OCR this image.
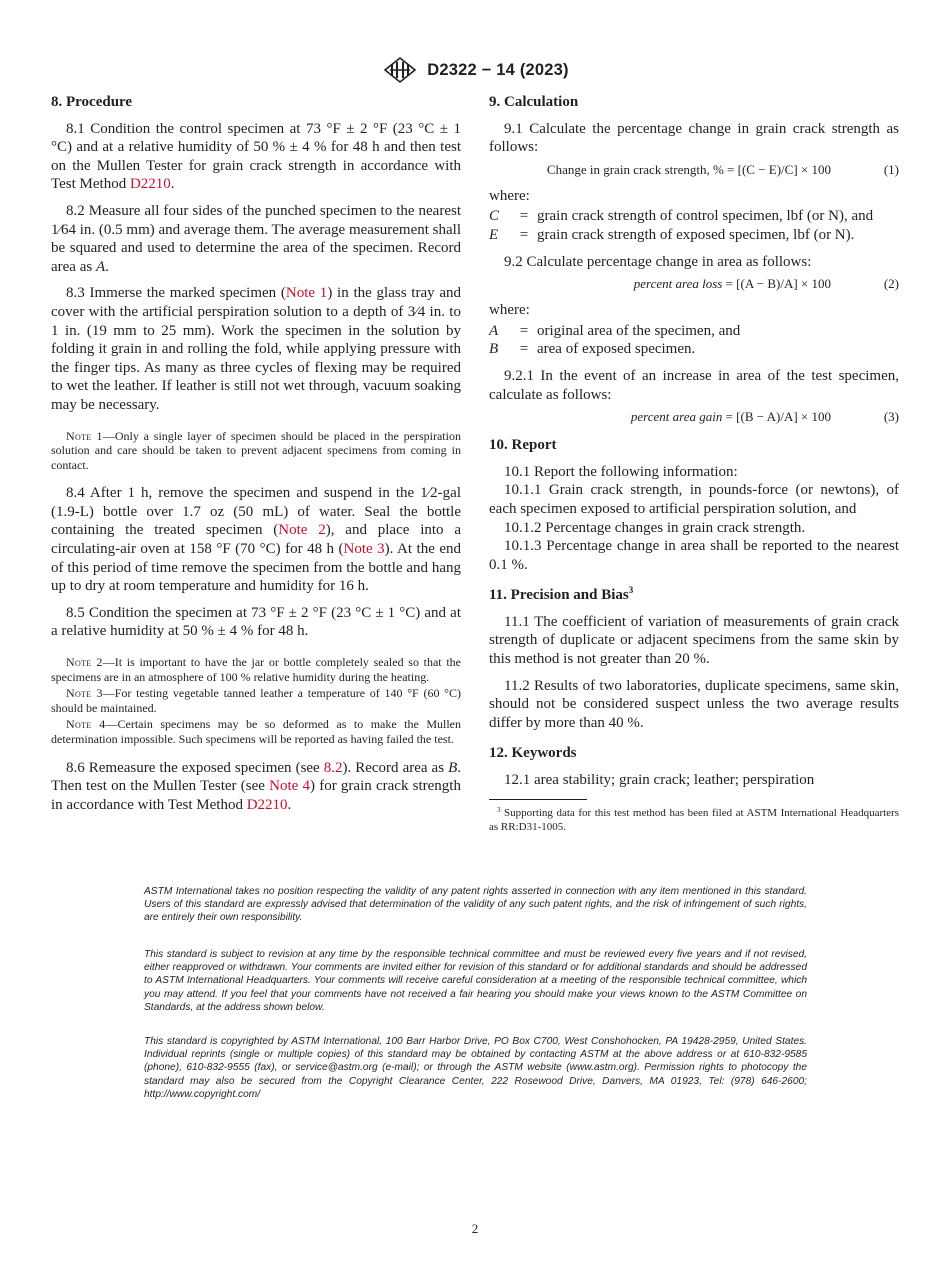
D2322 − 14 (2023)
8. Procedure

8.1 Condition the control specimen at 73 °F ± 2 °F (23 °C ± 1 °C) and at a relative humidity of 50 % ± 4 % for 48 h and then test on the Mullen Tester for grain crack strength in accordance with Test Method D2210.

8.2 Measure all four sides of the punched specimen to the nearest 1⁄64 in. (0.5 mm) and average them. The average measurement shall be squared and used to determine the area of the specimen. Record area as A.

8.3 Immerse the marked specimen (Note 1) in the glass tray and cover with the artificial perspiration solution to a depth of 3⁄4 in. to 1 in. (19 mm to 25 mm). Work the specimen in the solution by folding it grain in and rolling the fold, while applying pressure with the finger tips. As many as three cycles of flexing may be required to wet the leather. If leather is still not wet through, vacuum soaking may be necessary.

Note 1—Only a single layer of specimen should be placed in the perspiration solution and care should be taken to prevent adjacent specimens from coming in contact.

8.4 After 1 h, remove the specimen and suspend in the 1⁄2-gal (1.9-L) bottle over 1.7 oz (50 mL) of water. Seal the bottle containing the treated specimen (Note 2), and place into a circulating-air oven at 158 °F (70 °C) for 48 h (Note 3). At the end of this period of time remove the specimen from the bottle and hang up to dry at room temperature and humidity for 16 h.

8.5 Condition the specimen at 73 °F ± 2 °F (23 °C ± 1 °C) and at a relative humidity at 50 % ± 4 % for 48 h.

Note 2—It is important to have the jar or bottle completely sealed so that the specimens are in an atmosphere of 100 % relative humidity during the heating.

Note 3—For testing vegetable tanned leather a temperature of 140 °F (60 °C) should be maintained.

Note 4—Certain specimens may be so deformed as to make the Mullen determination impossible. Such specimens will be reported as having failed the test.

8.6 Remeasure the exposed specimen (see 8.2). Record area as B. Then test on the Mullen Tester (see Note 4) for grain crack strength in accordance with Test Method D2210.

9. Calculation

9.1 Calculate the percentage change in grain crack strength as follows:

Change in grain crack strength, % = [(C − E)/C] × 100	(1)

where:

C	= grain crack strength of control specimen, lbf (or N), and
E	= grain crack strength of exposed specimen, lbf (or N).

9.2 Calculate percentage change in area as follows:

percent area loss = [(A − B)/A] × 100	(2)

where:

A	= original area of the specimen, and
B	= area of exposed specimen.

9.2.1 In the event of an increase in area of the test specimen, calculate as follows:

percent area gain = [(B − A)/A] × 100	(3)
10. Report

10.1 Report the following information:

10.1.1 Grain crack strength, in pounds-force (or newtons), of each specimen exposed to artificial perspiration solution, and

10.1.2 Percentage changes in grain crack strength.

10.1.3 Percentage change in area shall be reported to the nearest 0.1 %.

11. Precision and Bias$^3$

11.1 The coefficient of variation of measurements of grain crack strength of duplicate or adjacent specimens from the same skin by this method is not greater than 20 %.

11.2 Results of two laboratories, duplicate specimens, same skin, should not be considered suspect unless the two average results differ by more than 40 %.

12. Keywords

12.1 area stability; grain crack; leather; perspiration

$^3$ Supporting data for this test method has been filed at ASTM International Headquarters as RR:D31-1005.

ASTM International takes no position respecting the validity of any patent rights asserted in connection with any item mentioned in this standard. Users of this standard are expressly advised that determination of the validity of any such patent rights, and the risk of infringement of such rights, are entirely their own responsibility.

This standard is subject to revision at any time by the responsible technical committee and must be reviewed every five years and if not revised, either reapproved or withdrawn. Your comments are invited either for revision of this standard or for additional standards and should be addressed to ASTM International Headquarters. Your comments will receive careful consideration at a meeting of the responsible technical committee, which you may attend. If you feel that your comments have not received a fair hearing you should make your views known to the ASTM Committee on Standards, at the address shown below.

This standard is copyrighted by ASTM International, 100 Barr Harbor Drive, PO Box C700, West Conshohocken, PA 19428-2959, United States. Individual reprints (single or multiple copies) of this standard may be obtained by contacting ASTM at the above address or at 610-832-9585 (phone), 610-832-9555 (fax), or service@astm.org (e-mail); or through the ASTM website (www.astm.org). Permission rights to photocopy the standard may also be secured from the Copyright Clearance Center, 222 Rosewood Drive, Danvers, MA 01923, Tel: (978) 646-2600; http://www.copyright.com/

2
